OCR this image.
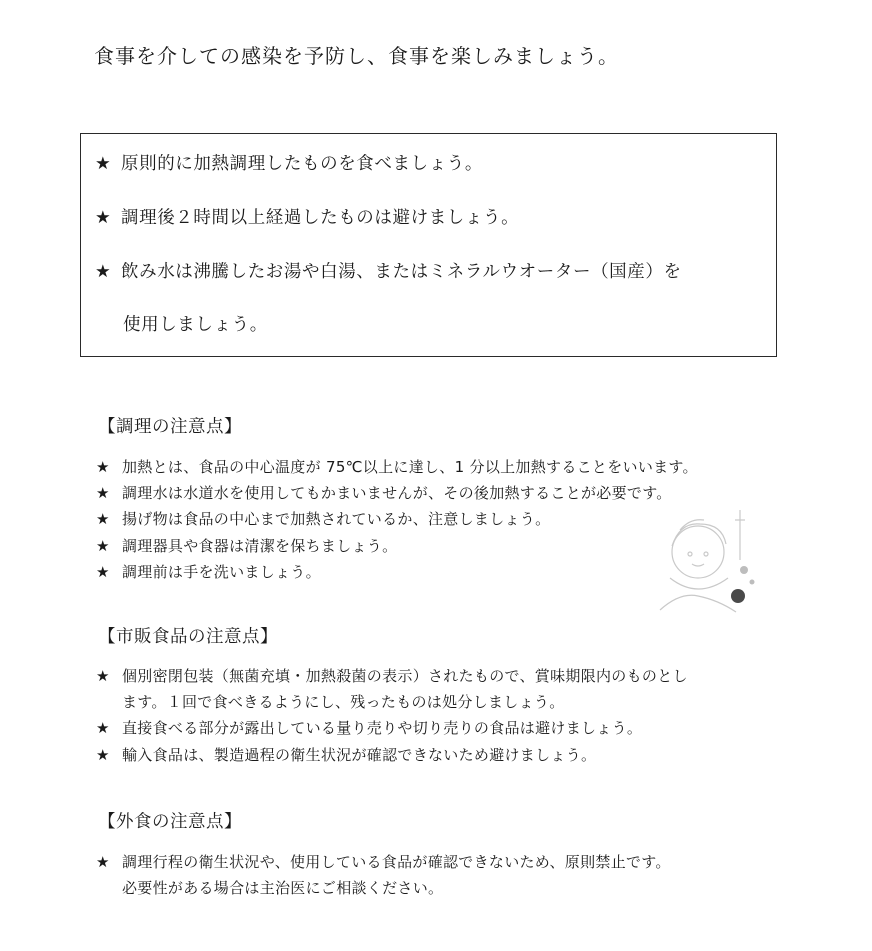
食事を介しての感染を予防し、食事を楽しみましょう。
★ 原則的に加熱調理したものを食べましょう。
★ 調理後２時間以上経過したものは避けましょう。
★ 飲み水は沸騰したお湯や白湯、またはミネラルウオーター（国産）を
使用しましょう。
【調理の注意点】
★ 加熱とは、食品の中心温度が 75℃以上に達し、1 分以上加熱することをいいます。
★ 調理水は水道水を使用してもかまいませんが、その後加熱することが必要です。
★ 揚げ物は食品の中心まで加熱されているか、注意しましょう。
★ 調理器具や食器は清潔を保ちましょう。
★ 調理前は手を洗いましょう。
【市販食品の注意点】
★ 個別密閉包装（無菌充填・加熱殺菌の表示）されたもので、賞味期限内のものとし
ます。１回で食べきるようにし、残ったものは処分しましょう。
★ 直接食べる部分が露出している量り売りや切り売りの食品は避けましょう。
★ 輸入食品は、製造過程の衛生状況が確認できないため避けましょう。
【外食の注意点】
★ 調理行程の衛生状況や、使用している食品が確認できないため、原則禁止です。
必要性がある場合は主治医にご相談ください。
